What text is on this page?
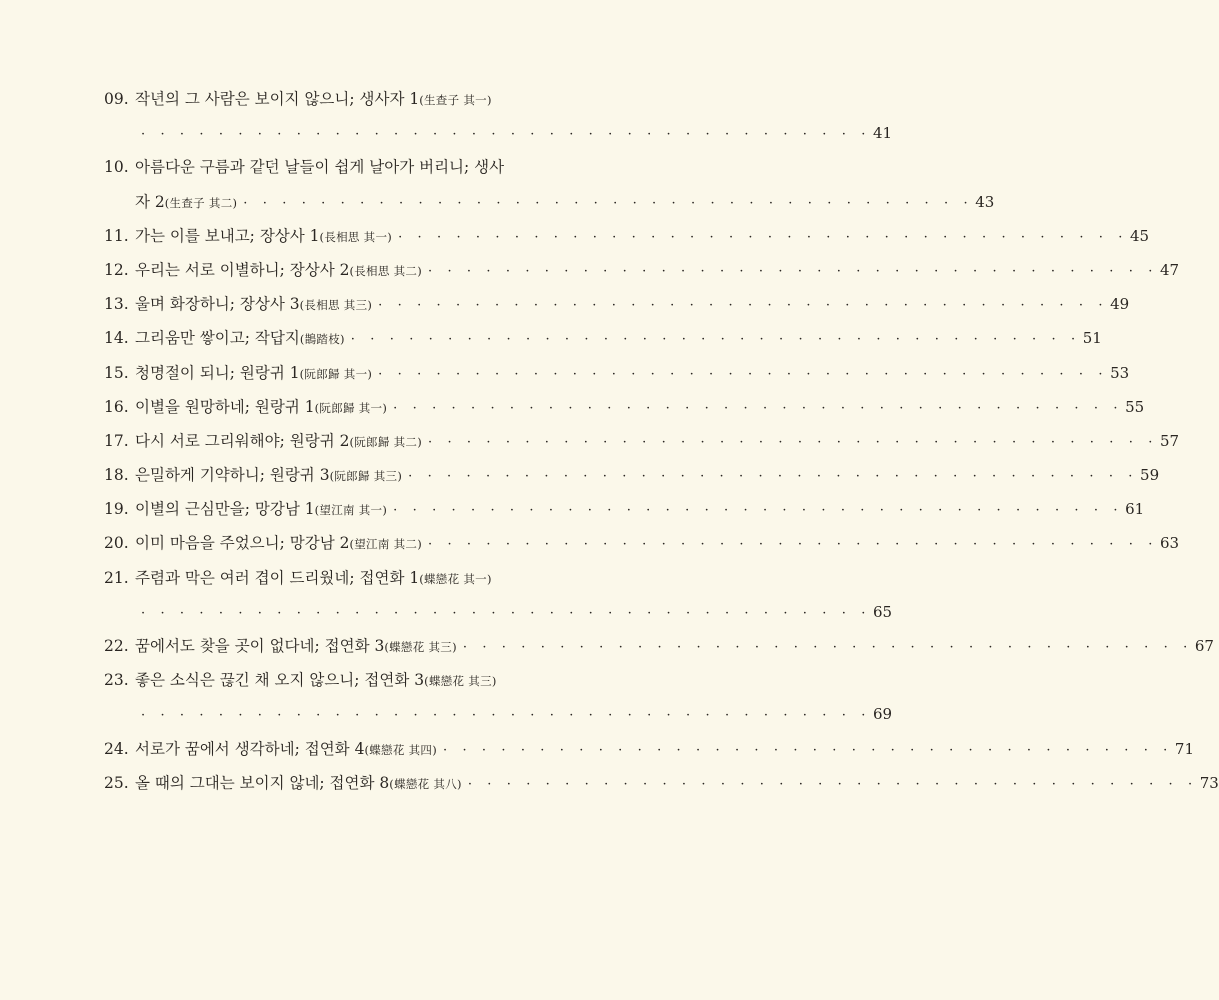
09. 작년의 그 사람은 보이지 않으니; 생사자 1 (生查子 其一)
· · · · · · · · · · · · · · · · · · · · · · · · · · · · · · · · · · · · · · 41
10. 아름다운 구름과 같던 날들이 쉽게 날아가 버리니; 생사
자 2 (生查子 其二) · · · · · · · · · · · · · · · · · · · · · · · · · · · · · · · · · · · · · · 43
11. 가는 이를 보내고; 장상사 1 (長相思 其一) · · · · · · · · · · · · · · · · · · · · · · · · · · · · · · · · · · · · · · 45
12. 우리는 서로 이별하니; 장상사 2 (長相思 其二) · · · · · · · · · · · · · · · · · · · · · · · · · · · · · · · · · · · · · · 47
13. 울며 화장하니; 장상사 3 (長相思 其三) · · · · · · · · · · · · · · · · · · · · · · · · · · · · · · · · · · · · · · 49
14. 그리움만 쌓이고; 작답지 (鵲踏枝) · · · · · · · · · · · · · · · · · · · · · · · · · · · · · · · · · · · · · · 51
15. 청명절이 되니; 원랑귀 1 (阮郎歸 其一) · · · · · · · · · · · · · · · · · · · · · · · · · · · · · · · · · · · · · · 53
16. 이별을 원망하네; 원랑귀 1 (阮郎歸 其一) · · · · · · · · · · · · · · · · · · · · · · · · · · · · · · · · · · · · · · 55
17. 다시 서로 그리워해야; 원랑귀 2 (阮郎歸 其二) · · · · · · · · · · · · · · · · · · · · · · · · · · · · · · · · · · · · · · 57
18. 은밀하게 기약하니; 원랑귀 3 (阮郎歸 其三) · · · · · · · · · · · · · · · · · · · · · · · · · · · · · · · · · · · · · · 59
19. 이별의 근심만을; 망강남 1 (望江南 其一) · · · · · · · · · · · · · · · · · · · · · · · · · · · · · · · · · · · · · · 61
20. 이미 마음을 주었으니; 망강남 2 (望江南 其二) · · · · · · · · · · · · · · · · · · · · · · · · · · · · · · · · · · · · · · 63
21. 주렴과 막은 여러 겹이 드리웠네; 접연화 1 (蝶戀花 其一)
· · · · · · · · · · · · · · · · · · · · · · · · · · · · · · · · · · · · · · 65
22. 꿈에서도 찾을 곳이 없다네; 접연화 3 (蝶戀花 其三) · · · · · · · · · · · · · · · · · · · · · · · · · · · · · · · · · · · · · · 67
23. 좋은 소식은 끊긴 채 오지 않으니; 접연화 3 (蝶戀花 其三)
· · · · · · · · · · · · · · · · · · · · · · · · · · · · · · · · · · · · · · 69
24. 서로가 꿈에서 생각하네; 접연화 4 (蝶戀花 其四) · · · · · · · · · · · · · · · · · · · · · · · · · · · · · · · · · · · · · · 71
25. 올 때의 그대는 보이지 않네; 접연화 8 (蝶戀花 其八) · · · · · · · · · · · · · · · · · · · · · · · · · · · · · · · · · · · · · · 73
